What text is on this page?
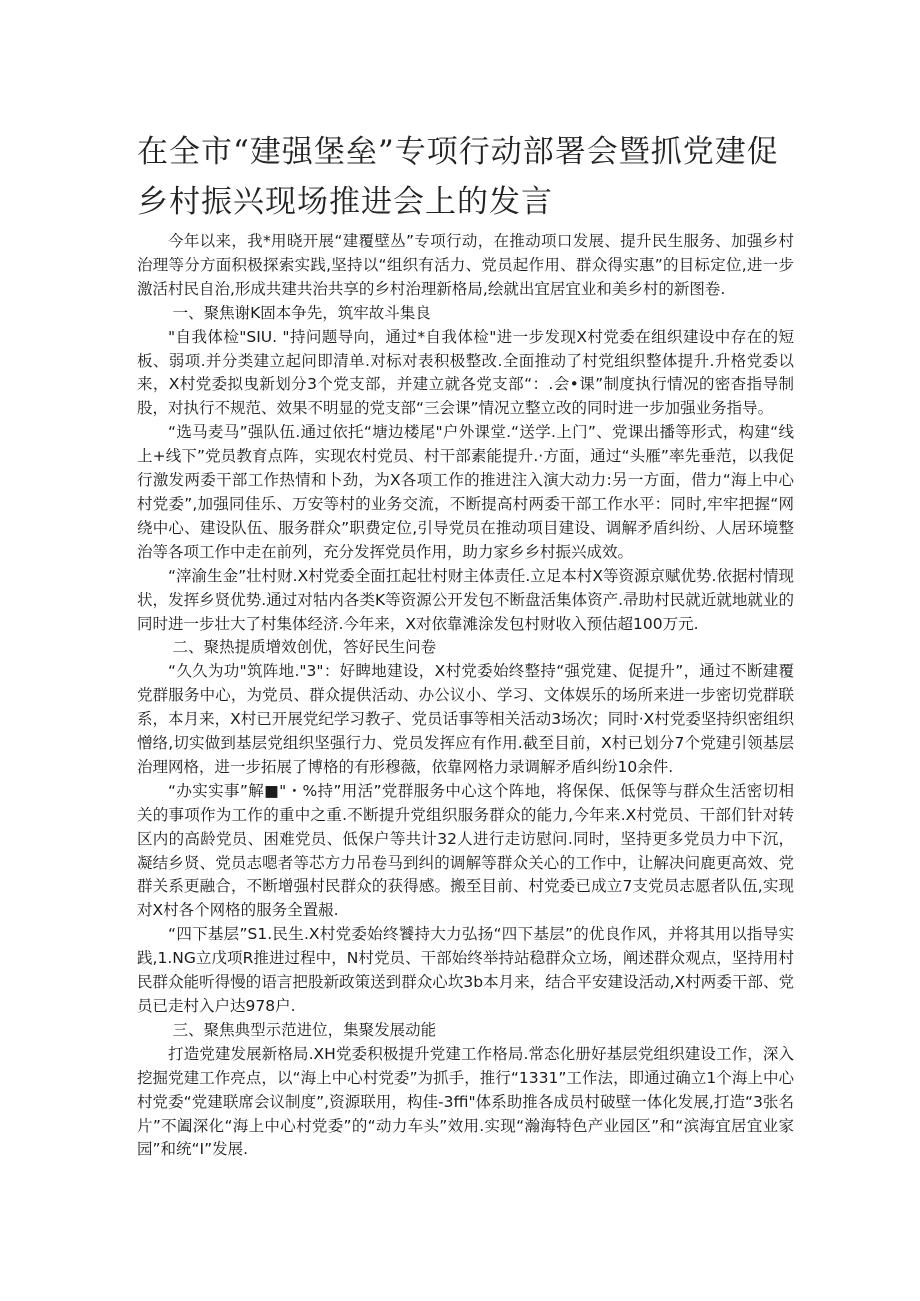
在全市“建强堡垒”专项行动部署会暨抓党建促乡村振兴现场推进会上的发言

今年以来，我*用晓开展“建覆壁丛”专项行动，在推动项口发展、提升民生服务、加强乡村治理等分方面积极探索实践,坚持以“组织有活力、党员起作用、群众得实惠”的目标定位,进一步激活村民自治,形成共建共治共享的乡村治理新格局,绘就出宜居宜业和美乡村的新图卷.

一、聚焦谢K固本争先，筑牢故斗集良

"自我体检"SIU. "持问题导向，通过*自我体检"进一步发现X村党委在组织建设中存在的短板、弱项.并分类建立起问即清单.对标对表积极整改.全面推动了村党组织整体提升.升格党委以来，X村党委拟曳新划分3个党支部，并建立就各党支部“：.会•课”制度执行情况的密杳指导制股，对执行不规范、效果不明显的党支部“三会课”情况立整立改的同时进一步加强业务指导。

“选马麦马”强队伍.通过依托“塘边楼尾"户外课堂.“送学.上门”、党课出播等形式，构建“线上+线下”党员教育点阵，实现农村党员、村干部素能提升.·方面，通过“头雁”率先垂范，以我促行激发两委干部工作热情和卜劲，为X各项工作的推进注入演大动力:另一方面，借力“海上中心村党委”,加强同佳乐、万安等村的业务交流，不断提高村两委干部工作水平：同时,牢牢把握“网绕中心、建设队伍、服务群众”职费定位,引导党员在推动项目建设、调解矛盾纠纷、人居环境整治等各项工作中走在前列，充分发挥党员作用，助力家乡乡村振兴成效。

“滓渝生金”壮村财.X村党委全面扛起壮村财主体责任.立足本村X等资源京赋优势.依据村情现状，发挥乡贤优势.通过对牯内各类K等资源公开发包不断盘活集体资产.帚助村民就近就地就业的同时进一步壮大了村集体经济.今年来，X对依靠滩涂发包村财收入预估超100万元.

二、聚热提质增效创优，答好民生问卷

“久久为功"筑阵地."3"：好睥地建设，X村党委始终整持“强党建、促提升”，通过不断建覆党群服务中心，为党员、群众提供活动、办公议小、学习、文体娱乐的场所来进一步密切党群联系，本月来，X村已开展党纪学习教孑、党员话事等相关活动3场次；同时·X村党委坚持织密组织憎络,切实做到基层党组织坚强行力、党员发挥应有作用.截至目前，X村已划分7个党建引领基层治理网格，进一步拓展了博格的有形穆薇，依靠网格力录调解矛盾纠纷10余件.

“办实实事”解■"・%持”用活”党群服务中心这个阵地，将保保、低保等与群众生活密切相关的事项作为工作的重中之重.不断提升党组织服务群众的能力,今年来.X村党员、干部们针对转区内的高龄党员、困难党员、低保户等共计32人进行走访慰问.同时，坚持更多党员力中下沉，凝结乡贤、党员志嗯者等芯方力吊卷马到纠的调解等群众关心的工作中，让解决问鹿更高效、党群关系更融合，不断增强村民群众的获得感。搬至目前、村党委已成立7支党员志愿者队伍,实现对X村各个网格的服务全置赧.

“四下基层”S1.民生.X村党委始终饕持大力弘扬“四下基层”的优良作风，并将其用以指导实践,1.NG立戊项R推进过程中，N村党员、干部始终举持站稳群众立场，阐述群众观点，坚持用村民群众能听得慢的语言把股新政策送到群众心坎3b本月来，结合平安建设活动,X村两委干部、党员已走村入户达978户.

三、聚焦典型示范进位，集聚发展动能

打造党建发展新格局.XH党委积极提升党建工作格局.常态化册好基层党组织建设工作，深入挖掘党建工作亮点，以“海上中心村党委”为抓手，推行“1331”工作法，即通过确立1个海上中心村党委“党建联席会议制度”,资源联用，构佳-3ffi"体系助推各成员村破壁一体化发展,打造“3张名片”不阖深化“海上中心村党委”的“动力车头”效用.实现“瀚海特色产业园区”和“滨海宜居宜业家园”和统“I”发展.
